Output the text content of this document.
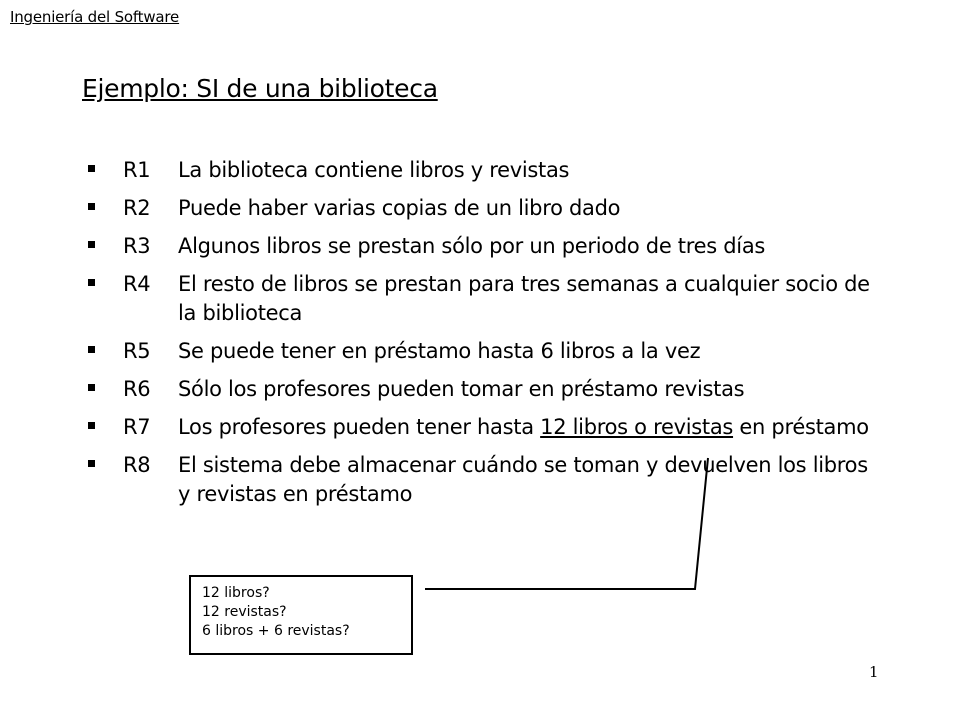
Ingeniería del Software
Ejemplo: SI de una biblioteca
R1	La biblioteca contiene libros y revistas
R2	Puede haber varias copias de un libro dado
R3	Algunos libros se prestan sólo por un periodo de tres días
R4	El resto de libros se prestan para tres semanas a cualquier socio de la biblioteca
R5	Se puede tener en préstamo hasta 6 libros a la vez
R6	Sólo los profesores pueden tomar en préstamo revistas
R7	Los profesores pueden tener hasta 12 libros o revistas en préstamo
R8	El sistema debe almacenar cuándo se toman y devuelven los libros y revistas en préstamo
12 libros?
12 revistas?
6 libros + 6 revistas?
1
